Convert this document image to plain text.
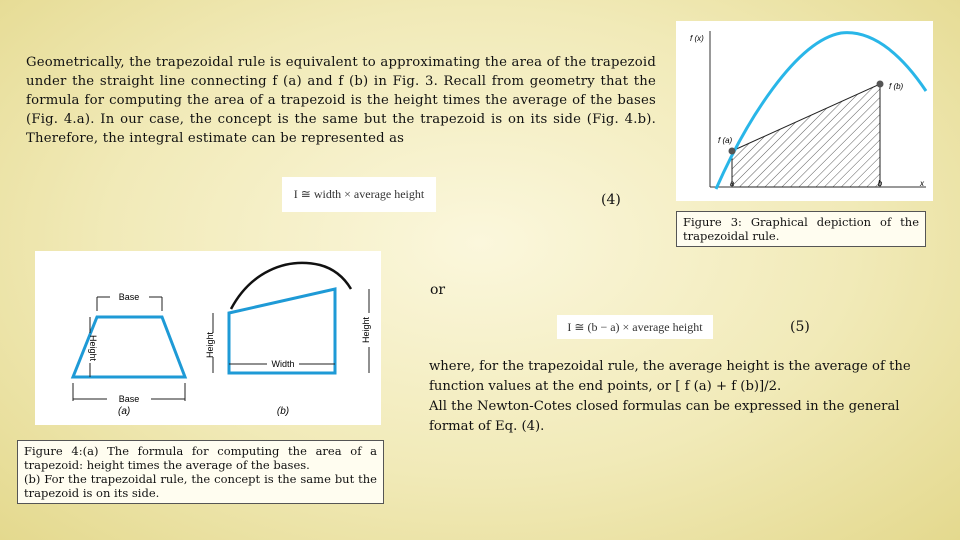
Geometrically, the trapezoidal rule is equivalent to approximating the area of the trapezoid under the straight line connecting f (a) and f (b) in Fig. 3. Recall from geometry that the formula for computing the area of a trapezoid is the height times the average of the bases (Fig. 4.a). In our case, the concept is the same but the trapezoid is on its side (Fig. 4.b). Therefore, the integral estimate can be represented as
I ≅ width × average height	(4)
f (x)
f (b)
f (a)
a	b	x
Figure 3: Graphical depiction of the trapezoidal rule.
Base
Height
Base
(a)
Height
Height
Width
(b)
Figure 4:(a) The formula for computing the area of a trapezoid: height times the average of the bases.
(b) For the trapezoidal rule, the concept is the same but the trapezoid is on its side.
or
I ≅ (b − a) × average height	(5)

where, for the trapezoidal rule, the average height is the average of the function values at the end points, or [ f (a) + f (b)]/2.

All the Newton-Cotes closed formulas can be expressed in the general format of Eq. (4).
